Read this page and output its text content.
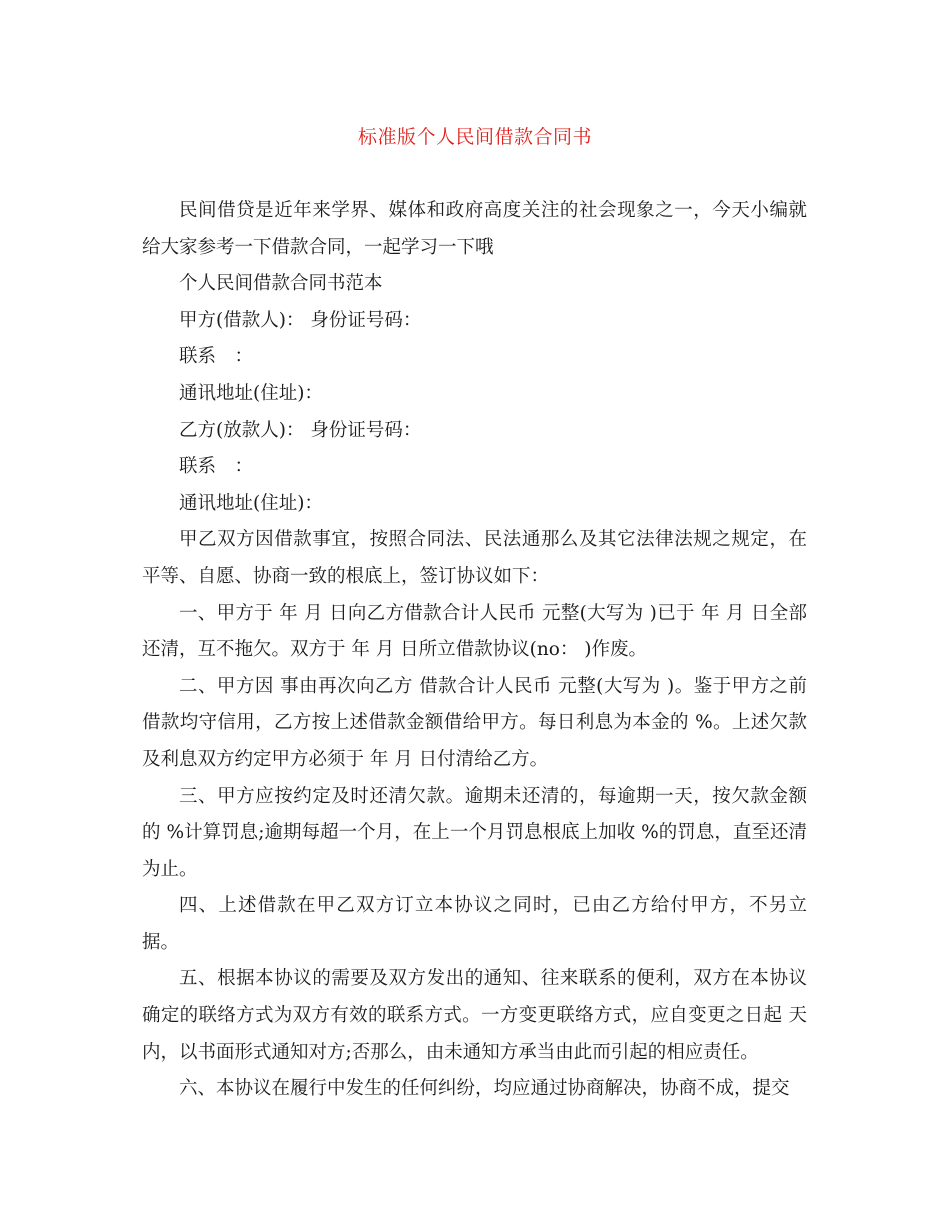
标准版个人民间借款合同书

民间借贷是近年来学界、媒体和政府高度关注的社会现象之一，今天小编就给大家参考一下借款合同，一起学习一下哦

个人民间借款合同书范本

甲方(借款人)： 身份证号码：

联系　：

通讯地址(住址)：

乙方(放款人)： 身份证号码：

联系　：

通讯地址(住址)：

甲乙双方因借款事宜，按照合同法、民法通那么及其它法律法规之规定，在平等、自愿、协商一致的根底上，签订协议如下：

一、甲方于 年 月 日向乙方借款合计人民币 元整(大写为 )已于 年 月 日全部还清，互不拖欠。双方于 年 月 日所立借款协议(no： )作废。

二、甲方因 事由再次向乙方 借款合计人民币 元整(大写为 )。鉴于甲方之前借款均守信用，乙方按上述借款金额借给甲方。每日利息为本金的 %。上述欠款及利息双方约定甲方必须于 年 月 日付清给乙方。

三、甲方应按约定及时还清欠款。逾期未还清的，每逾期一天，按欠款金额的 %计算罚息;逾期每超一个月，在上一个月罚息根底上加收 %的罚息，直至还清为止。

四、上述借款在甲乙双方订立本协议之同时，已由乙方给付甲方，不另立据。

五、根据本协议的需要及双方发出的通知、往来联系的便利，双方在本协议确定的联络方式为双方有效的联系方式。一方变更联络方式，应自变更之日起 天内，以书面形式通知对方;否那么，由未通知方承当由此而引起的相应责任。

六、本协议在履行中发生的任何纠纷，均应通过协商解决，协商不成，提交
